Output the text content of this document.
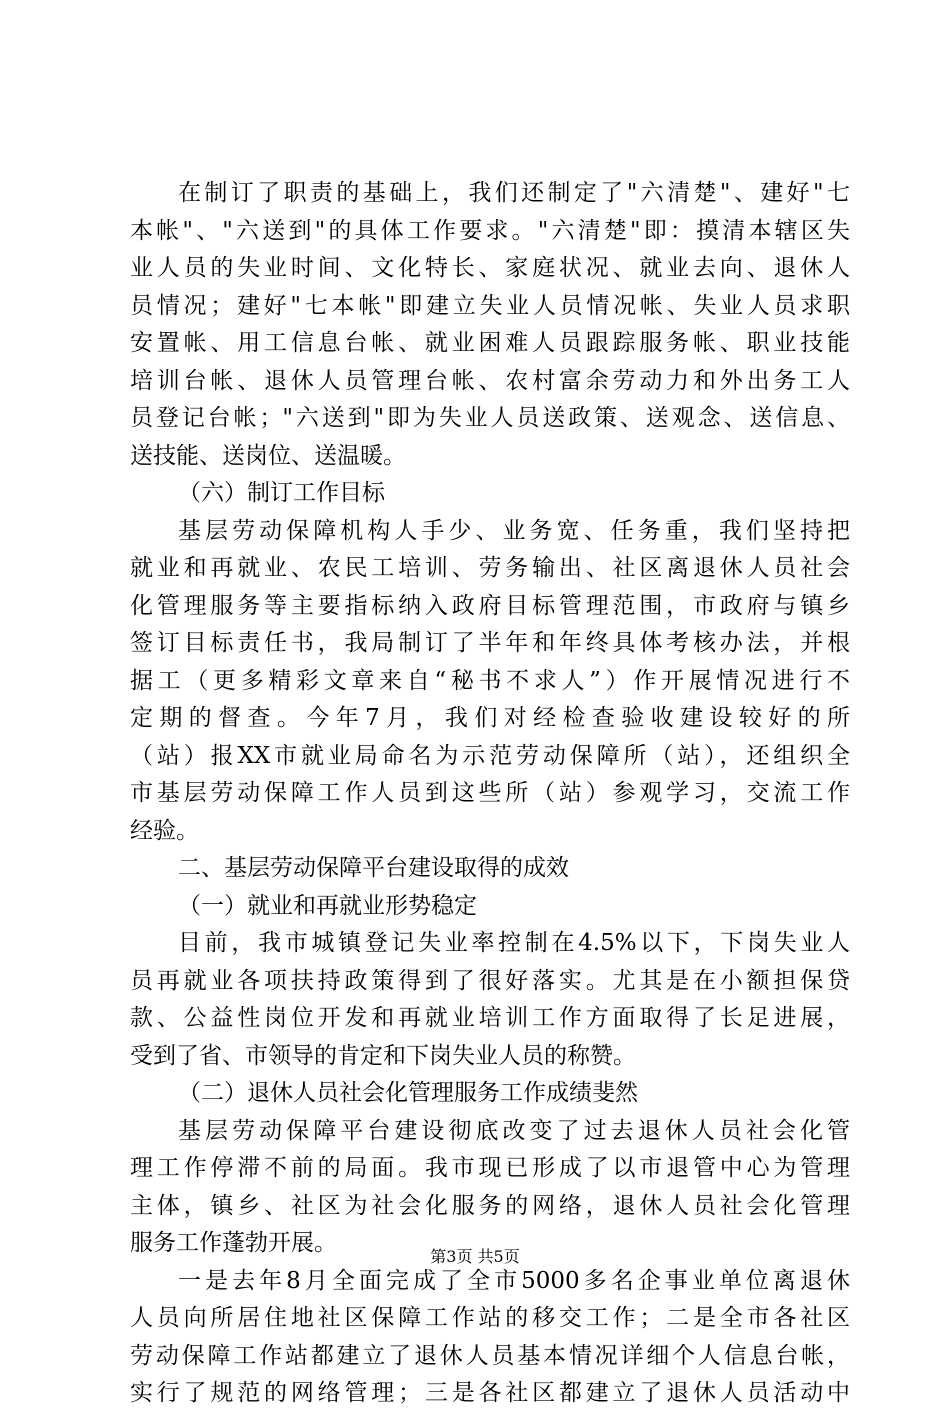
在制订了职责的基础上，我们还制定了"六清楚"、建好"七
本帐"、"六送到"的具体工作要求。"六清楚"即：摸清本辖区失
业人员的失业时间、文化特长、家庭状况、就业去向、退休人
员情况；建好"七本帐"即建立失业人员情况帐、失业人员求职
安置帐、用工信息台帐、就业困难人员跟踪服务帐、职业技能
培训台帐、退休人员管理台帐、农村富余劳动力和外出务工人
员登记台帐；"六送到"即为失业人员送政策、送观念、送信息、
送技能、送岗位、送温暖。
（六）制订工作目标
基层劳动保障机构人手少、业务宽、任务重，我们坚持把
就业和再就业、农民工培训、劳务输出、社区离退休人员社会
化管理服务等主要指标纳入政府目标管理范围，市政府与镇乡
签订目标责任书，我局制订了半年和年终具体考核办法，并根
据工（更多精彩文章来自“秘书不求人”）作开展情况进行不
定期的督查。今年7月，我们对经检查验收建设较好的所
（站）报XX市就业局命名为示范劳动保障所（站），还组织全
市基层劳动保障工作人员到这些所（站）参观学习，交流工作
经验。
二、基层劳动保障平台建设取得的成效
（一）就业和再就业形势稳定
目前，我市城镇登记失业率控制在4.5%以下，下岗失业人
员再就业各项扶持政策得到了很好落实。尤其是在小额担保贷
款、公益性岗位开发和再就业培训工作方面取得了长足进展，
受到了省、市领导的肯定和下岗失业人员的称赞。
（二）退休人员社会化管理服务工作成绩斐然
基层劳动保障平台建设彻底改变了过去退休人员社会化管
理工作停滞不前的局面。我市现已形成了以市退管中心为管理
主体，镇乡、社区为社会化服务的网络，退休人员社会化管理
服务工作蓬勃开展。
一是去年8月全面完成了全市5000多名企事业单位离退休
人员向所居住地社区保障工作站的移交工作；二是全市各社区
劳动保障工作站都建立了退休人员基本情况详细个人信息台帐，
实行了规范的网络管理；三是各社区都建立了退休人员活动中
第3页 共5页
